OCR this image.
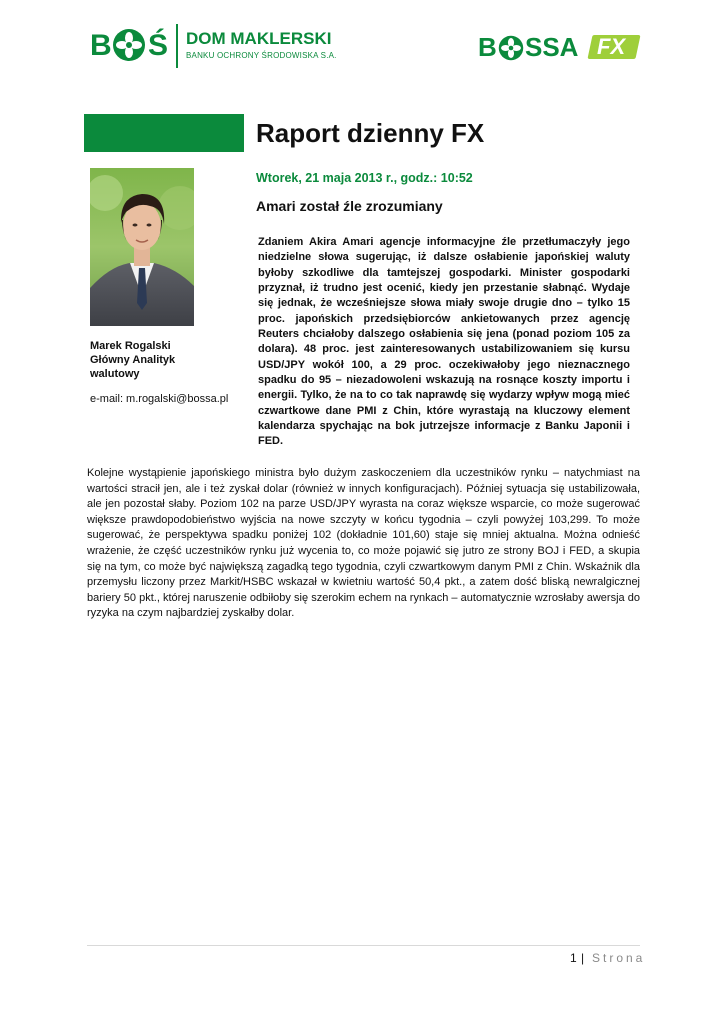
B Ś DOM MAKLERSKI
BANKU OCHRONY ŚRODOWISKA S.A.	B SSA FX
Raport dzienny FX
Marek Rogalski
Główny Analityk
walutowy
e-mail: m.rogalski@bossa.pl
Wtorek, 21 maja 2013 r., godz.: 10:52
Amari został źle zrozumiany

Zdaniem Akira Amari agencje informacyjne źle przetłumaczyły jego niedzielne słowa sugerując, iż dalsze osłabienie japońskiej waluty byłoby szkodliwe dla tamtejszej gospodarki. Minister gospodarki przyznał, iż trudno jest ocenić, kiedy jen przestanie słabnąć. Wydaje się jednak, że wcześniejsze słowa miały swoje drugie dno – tylko 15 proc. japońskich przedsiębiorców ankietowanych przez agencję Reuters chciałoby dalszego osłabienia się jena (ponad poziom 105 za dolara). 48 proc. jest zainteresowanych ustabilizowaniem się kursu USD/JPY wokół 100, a 29 proc. oczekiwałoby jego nieznacznego spadku do 95 – niezadowoleni wskazują na rosnące koszty importu i energii. Tylko, że na to co tak naprawdę się wydarzy wpływ mogą mieć czwartkowe dane PMI z Chin, które wyrastają na kluczowy element kalendarza spychając na bok jutrzejsze informacje z Banku Japonii i FED.

Kolejne wystąpienie japońskiego ministra było dużym zaskoczeniem dla uczestników rynku – natychmiast na wartości stracił jen, ale i też zyskał dolar (również w innych konfiguracjach). Później sytuacja się ustabilizowała, ale jen pozostał słaby. Poziom 102 na parze USD/JPY wyrasta na coraz większe wsparcie, co może sugerować większe prawdopodobieństwo wyjścia na nowe szczyty w końcu tygodnia – czyli powyżej 103,299. To może sugerować, że perspektywa spadku poniżej 102 (dokładnie 101,60) staje się mniej aktualna. Można odnieść wrażenie, że część uczestników rynku już wycenia to, co może pojawić się jutro ze strony BOJ i FED, a skupia się na tym, co może być największą zagadką tego tygodnia, czyli czwartkowym danym PMI z Chin. Wskaźnik dla przemysłu liczony przez Markit/HSBC wskazał w kwietniu wartość 50,4 pkt., a zatem dość bliską newralgicznej bariery 50 pkt., której naruszenie odbiłoby się szerokim echem na rynkach – automatycznie wzrosłaby awersja do ryzyka na czym najbardziej zyskałby dolar.

1 | Strona
